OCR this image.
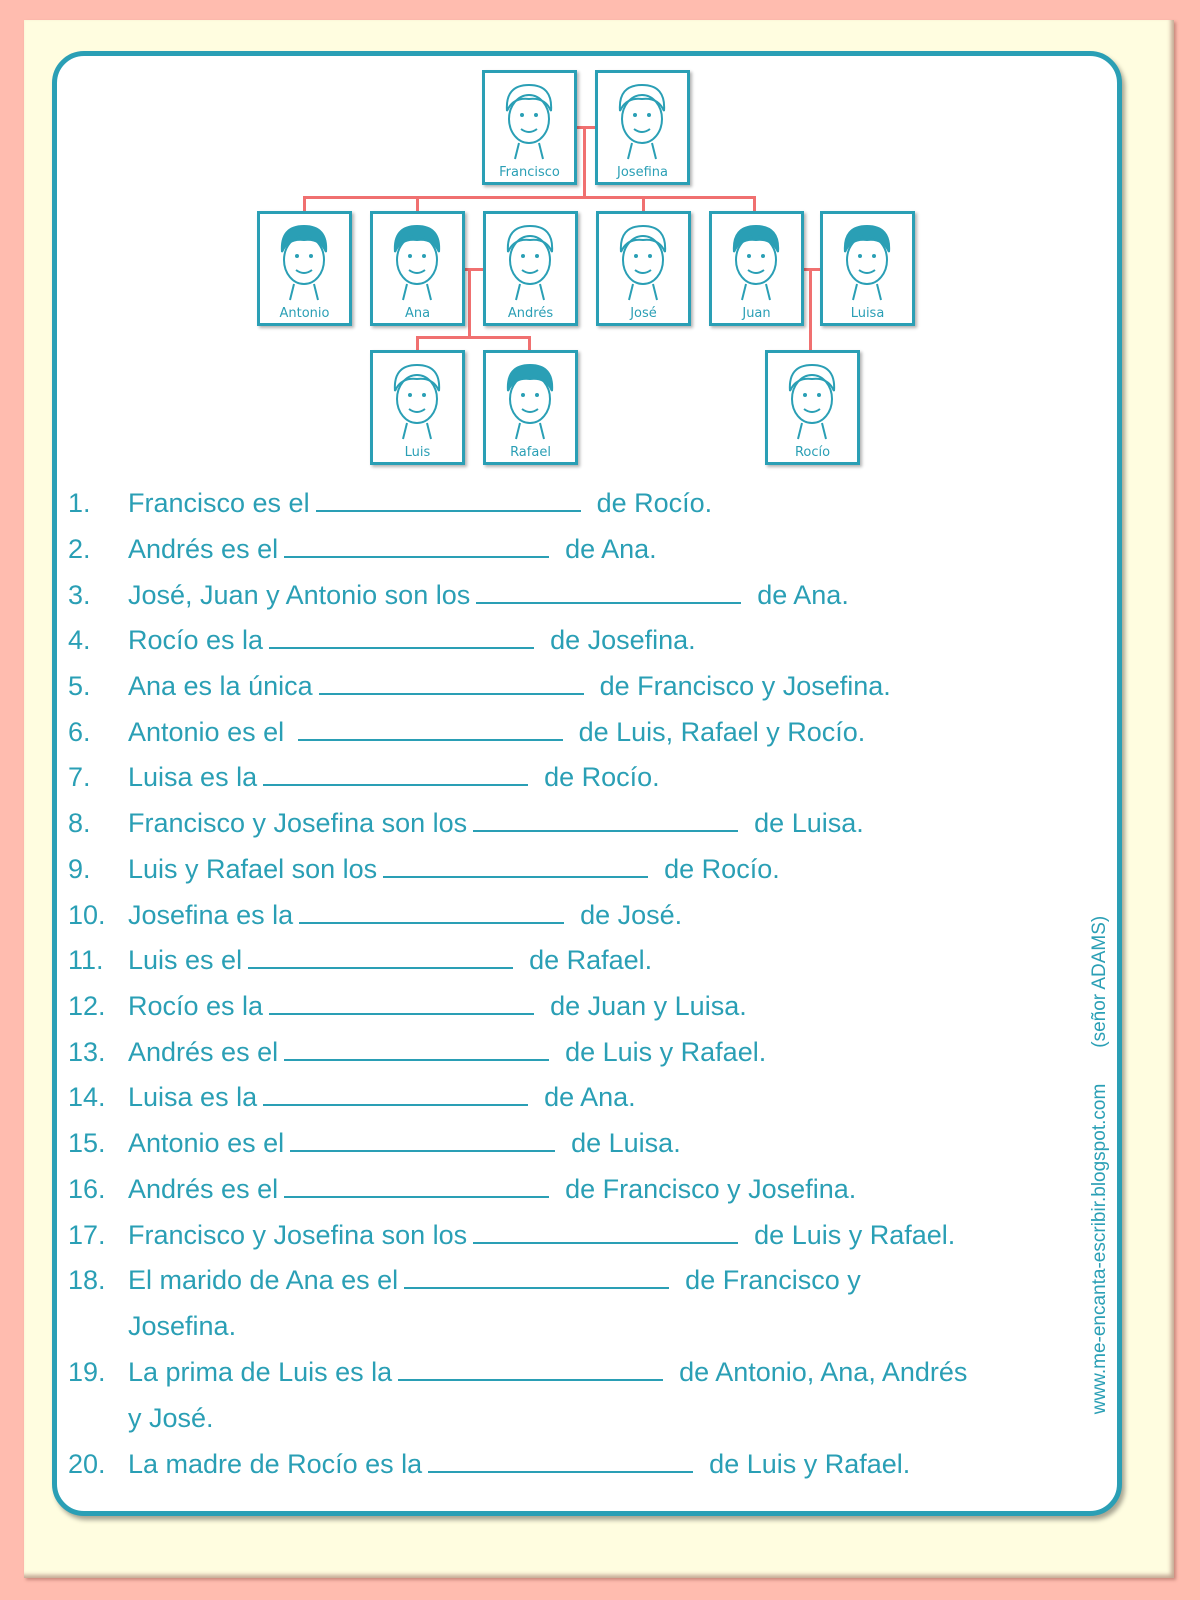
Francisco	Josefina
Antonio	Ana	Andrés	José	Juan	Luisa
Luis	Rafael	Rocío
1. Francisco es el	de Rocío.
2. Andrés es el	de Ana.
3. José, Juan y Antonio son los	de Ana.
4. Rocío es la	de Josefina.
5. Ana es la única	de Francisco y Josefina.
6. Antonio es el	de Luis, Rafael y Rocío.
7. Luisa es la	de Rocío.
8. Francisco y Josefina son los	de Luisa.
9. Luis y Rafael son los	de Rocío.
10. Josefina es la	de José.
11. Luis es el	de Rafael.
12. Rocío es la	de Juan y Luisa.
13. Andrés es el	de Luis y Rafael.
14. Luisa es la	de Ana.
15. Antonio es el	de Luisa.
16. Andrés es el	de Francisco y Josefina.
17. Francisco y Josefina son los	de Luis y Rafael.
18. El marido de Ana es el	de Francisco y
Josefina.
19. La prima de Luis es la	de Antonio, Ana, Andrés
y José.
20. La madre de Rocío es la	de Luis y Rafael.
www.me-encanta-escribir.blogspot.com(señor ADAMS)
